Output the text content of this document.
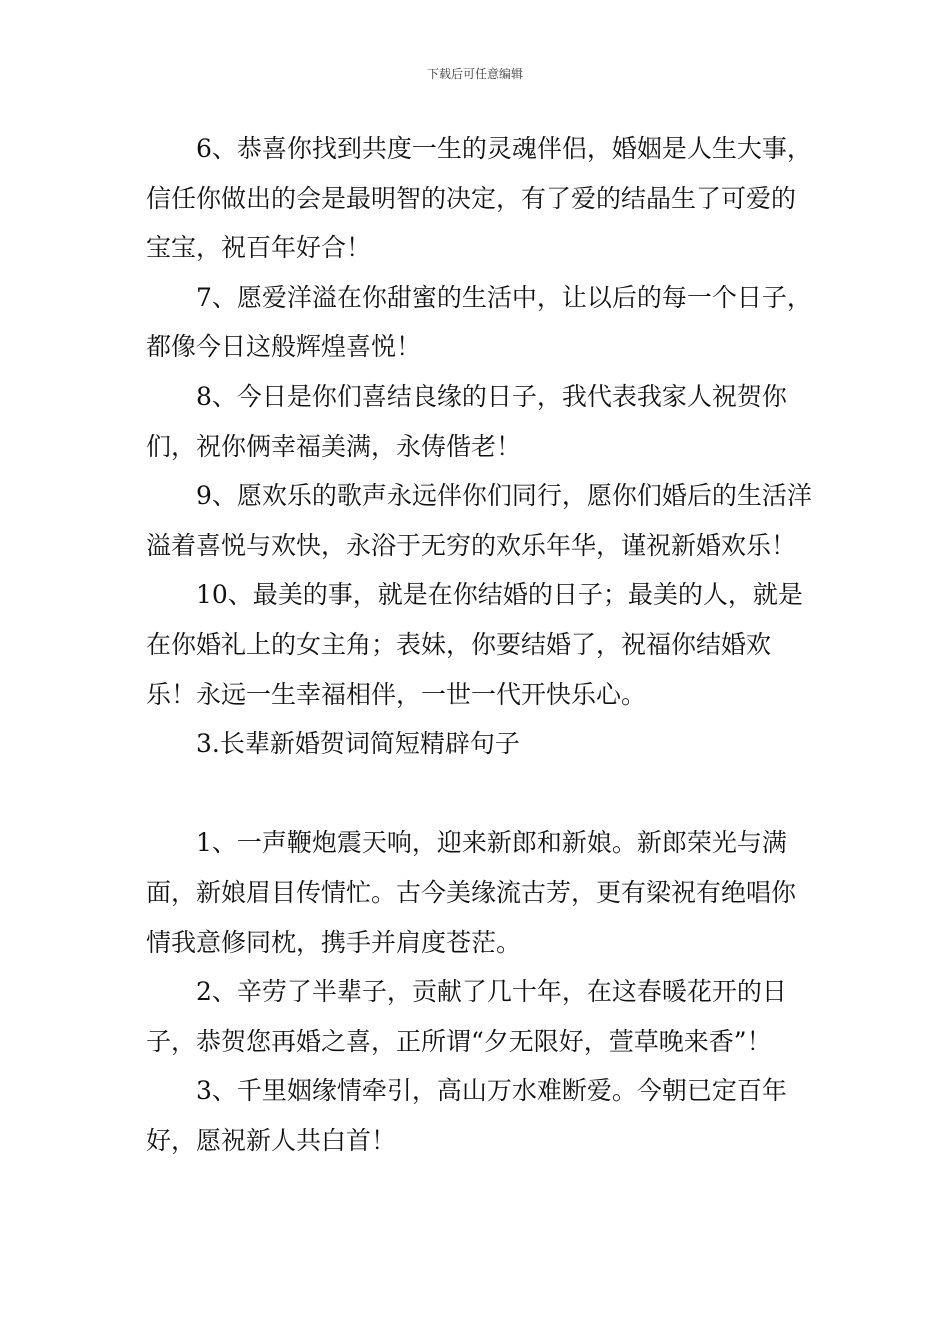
下载后可任意编辑

6、恭喜你找到共度一生的灵魂伴侣，婚姻是人生大事，信任你做出的会是最明智的决定，有了爱的结晶生了可爱的宝宝，祝百年好合！

7、愿爱洋溢在你甜蜜的生活中，让以后的每一个日子，都像今日这般辉煌喜悦！

8、今日是你们喜结良缘的日子，我代表我家人祝贺你们，祝你俩幸福美满，永俦偕老！

9、愿欢乐的歌声永远伴你们同行，愿你们婚后的生活洋溢着喜悦与欢快，永浴于无穷的欢乐年华，谨祝新婚欢乐！

10、最美的事，就是在你结婚的日子；最美的人，就是在你婚礼上的女主角；表妹，你要结婚了，祝福你结婚欢乐！永远一生幸福相伴，一世一代开快乐心。

3.长辈新婚贺词简短精辟句子

1、一声鞭炮震天响，迎来新郎和新娘。新郎荣光与满面，新娘眉目传情忙。古今美缘流古芳，更有梁祝有绝唱你情我意修同枕，携手并肩度苍茫。

2、辛劳了半辈子，贡献了几十年，在这春暖花开的日子，恭贺您再婚之喜，正所谓“夕无限好，萱草晚来香”！

3、千里姻缘情牵引，高山万水难断爱。今朝已定百年好，愿祝新人共白首！
